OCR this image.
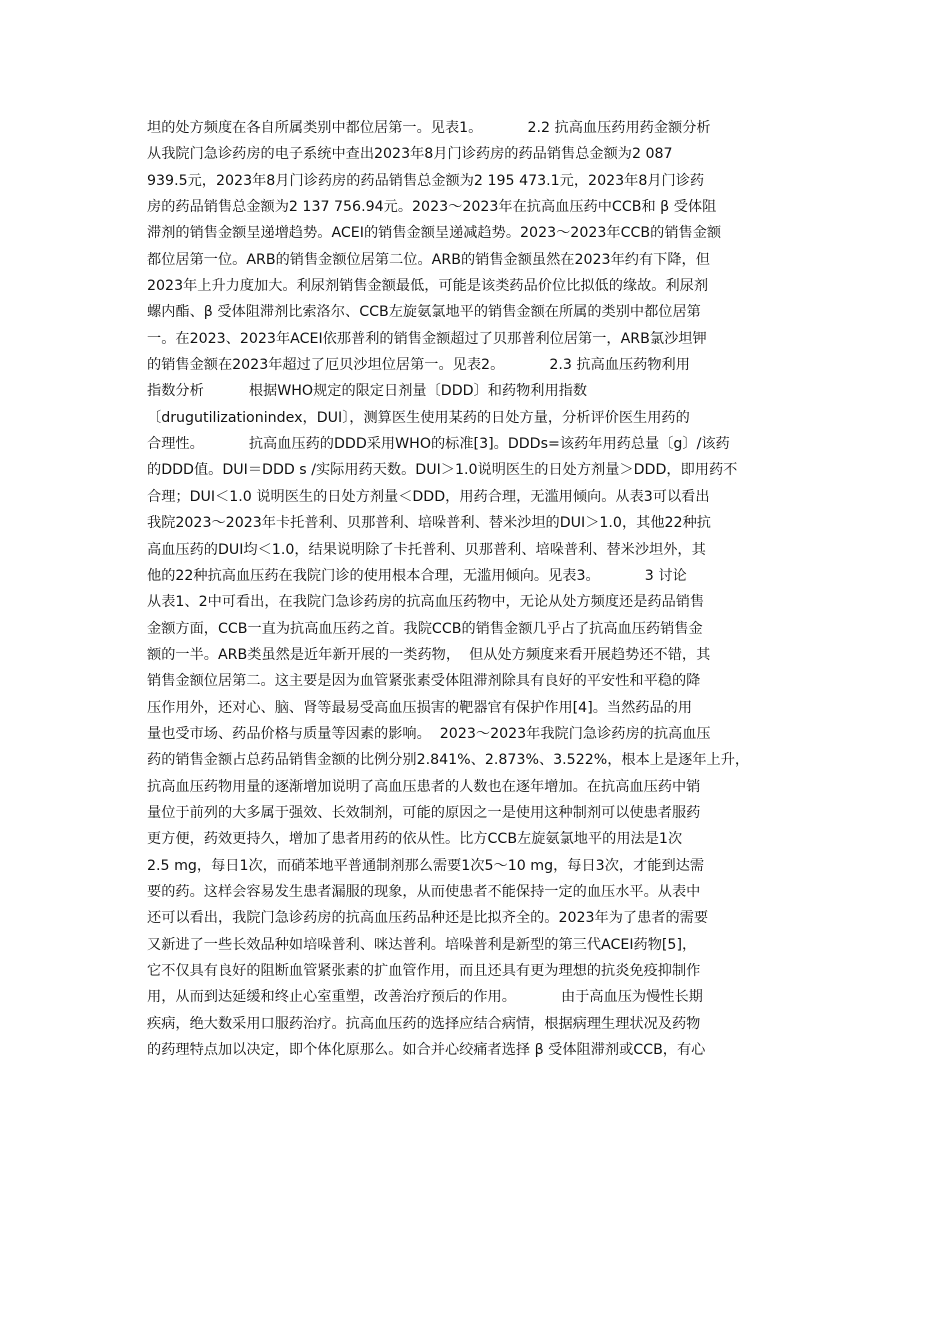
坦的处方频度在各自所属类别中都位居第一。见表1。          2.2 抗高血压药用药金额分析
从我院门急诊药房的电子系统中查出2023年8月门诊药房的药品销售总金额为2 087
939.5元，2023年8月门诊药房的药品销售总金额为2 195 473.1元，2023年8月门诊药
房的药品销售总金额为2 137 756.94元。2023～2023年在抗高血压药中CCB和 β 受体阻
滞剂的销售金额呈递增趋势。ACEI的销售金额呈递减趋势。2023～2023年CCB的销售金额
都位居第一位。ARB的销售金额位居第二位。ARB的销售金额虽然在2023年约有下降，但
2023年上升力度加大。利尿剂销售金额最低，可能是该类药品价位比拟低的缘故。利尿剂
螺内酯、β 受体阻滞剂比索洛尔、CCB左旋氨氯地平的销售金额在所属的类别中都位居第
一。在2023、2023年ACEI依那普利的销售金额超过了贝那普利位居第一，ARB氯沙坦钾
的销售金额在2023年超过了厄贝沙坦位居第一。见表2。          2.3 抗高血压药物利用
指数分析          根据WHO规定的限定日剂量〔DDD〕和药物利用指数
〔drugutilizationindex，DUI〕，测算医生使用某药的日处方量，分析评价医生用药的
合理性。          抗高血压药的DDD采用WHO的标准[3]。DDDs=该药年用药总量〔g〕/该药
的DDD值。DUI＝DDD s /实际用药天数。DUI＞1.0说明医生的日处方剂量＞DDD，即用药不
合理；DUI＜1.0 说明医生的日处方剂量＜DDD，用药合理，无滥用倾向。从表3可以看出
我院2023～2023年卡托普利、贝那普利、培哚普利、替米沙坦的DUI＞1.0，其他22种抗
高血压药的DUI均＜1.0，结果说明除了卡托普利、贝那普利、培哚普利、替米沙坦外，其
他的22种抗高血压药在我院门诊的使用根本合理，无滥用倾向。见表3。          3 讨论
从表1、2中可看出，在我院门急诊药房的抗高血压药物中，无论从处方频度还是药品销售
金额方面，CCB一直为抗高血压药之首。我院CCB的销售金额几乎占了抗高血压药销售金
额的一半。ARB类虽然是近年新开展的一类药物，  但从处方频度来看开展趋势还不错，其
销售金额位居第二。这主要是因为血管紧张素受体阻滞剂除具有良好的平安性和平稳的降
压作用外，还对心、脑、肾等最易受高血压损害的靶器官有保护作用[4]。当然药品的用
量也受市场、药品价格与质量等因素的影响。  2023～2023年我院门急诊药房的抗高血压
药的销售金额占总药品销售金额的比例分别2.841%、2.873%、3.522%，根本上是逐年上升，
抗高血压药物用量的逐渐增加说明了高血压患者的人数也在逐年增加。在抗高血压药中销
量位于前列的大多属于强效、长效制剂，可能的原因之一是使用这种制剂可以使患者服药
更方便，药效更持久，增加了患者用药的依从性。比方CCB左旋氨氯地平的用法是1次
2.5 mg，每日1次，而硝苯地平普通制剂那么需要1次5～10 mg，每日3次，才能到达需
要的药。这样会容易发生患者漏服的现象，从而使患者不能保持一定的血压水平。从表中
还可以看出，我院门急诊药房的抗高血压药品种还是比拟齐全的。2023年为了患者的需要
又新进了一些长效品种如培哚普利、咪达普利。培哚普利是新型的第三代ACEI药物[5]，
它不仅具有良好的阻断血管紧张素的扩血管作用，而且还具有更为理想的抗炎免疫抑制作
用，从而到达延缓和终止心室重塑，改善治疗预后的作用。          由于高血压为慢性长期
疾病，绝大数采用口服药治疗。抗高血压药的选择应结合病情，根据病理生理状况及药物
的药理特点加以决定，即个体化原那么。如合并心绞痛者选择 β 受体阻滞剂或CCB，有心
